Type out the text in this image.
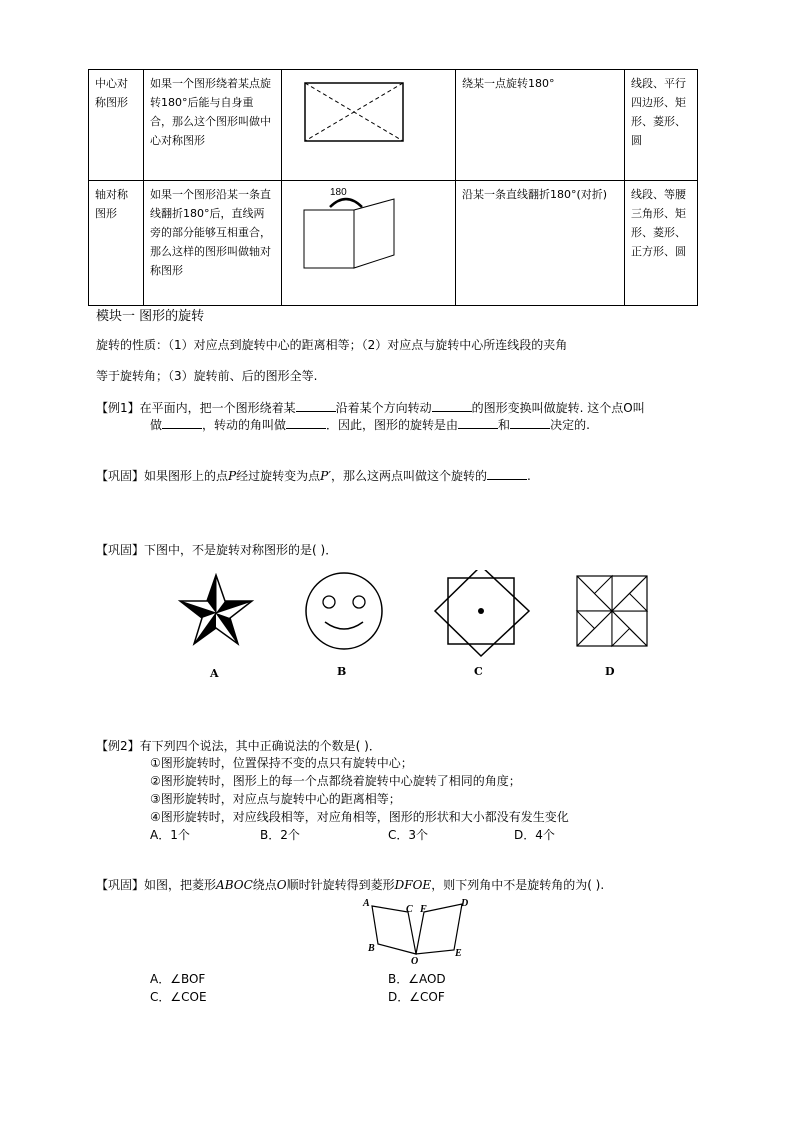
中心对称图形	如果一个图形绕着某点旋转180°后能与自身重合，那么这个图形叫做中心对称图形		绕某一点旋转180°	线段、平行四边形、矩形、菱形、圆
轴对称图形	如果一个图形沿某一条直线翻折180°后，直线两旁的部分能够互相重合，那么这样的图形叫做轴对称图形	180	沿某一条直线翻折180°(对折)	线段、等腰三角形、矩形、菱形、正方形、圆
模块一 图形的旋转
旋转的性质：（1）对应点到旋转中心的距离相等；（2）对应点与旋转中心所连线段的夹角
等于旋转角；（3）旋转前、后的图形全等.
【例1】在平面内，把一个图形绕着某	沿着某个方向转动	的图形变换叫做旋转. 这个点O叫
做	，转动的角叫做	．因此，图形的旋转是由	和	决定的.
【巩固】如果图形上的点P经过旋转变为点P′，那么这两点叫做这个旋转的	.
【巩固】下图中，不是旋转对称图形的是( )．
A	B	C	D
【例2】有下列四个说法，其中正确说法的个数是( )．
①图形旋转时，位置保持不变的点只有旋转中心；
②图形旋转时，图形上的每一个点都绕着旋转中心旋转了相同的角度；
③图形旋转时，对应点与旋转中心的距离相等；
④图形旋转时，对应线段相等，对应角相等，图形的形状和大小都没有发生变化
A．1个	B．2个	C．3个	D．4个
【巩固】如图，把菱形ABOC绕点O顺时针旋转得到菱形DFOE，则下列角中不是旋转角的为( ).
A
C F
D
B
O
E
A．∠BOF	B．∠AOD
C．∠COE	D．∠COF
